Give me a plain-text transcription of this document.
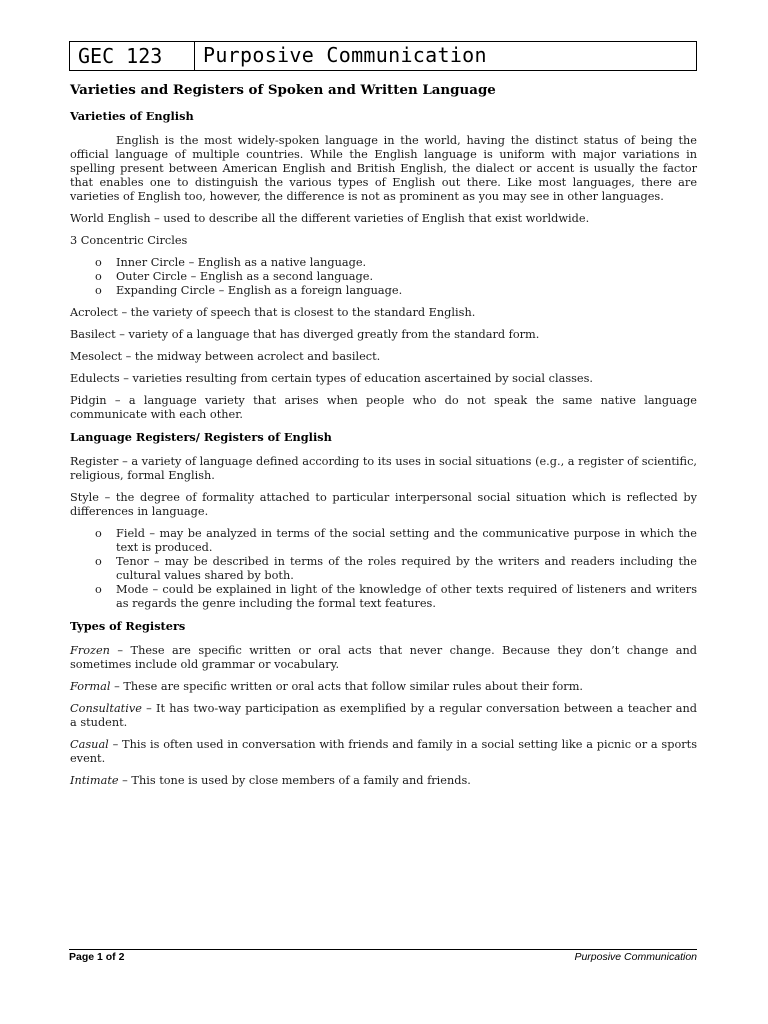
GEC 123 Purposive Communication
Varieties and Registers of Spoken and Written Language
Varieties of English

English is the most widely-spoken language in the world, having the distinct status of being the official language of multiple countries. While the English language is uniform with major variations in spelling present between American English and British English, the dialect or accent is usually the factor that enables one to distinguish the various types of English out there. Like most languages, there are varieties of English too, however, the difference is not as prominent as you may see in other languages.

World English – used to describe all the different varieties of English that exist worldwide.

3 Concentric Circles

o Inner Circle – English as a native language.
o Outer Circle – English as a second language.
o Expanding Circle – English as a foreign language.

Acrolect – the variety of speech that is closest to the standard English.

Basilect – variety of a language that has diverged greatly from the standard form.

Mesolect – the midway between acrolect and basilect.

Edulects – varieties resulting from certain types of education ascertained by social classes.

Pidgin – a language variety that arises when people who do not speak the same native language communicate with each other.

Language Registers/ Registers of English

Register – a variety of language defined according to its uses in social situations (e.g., a register of scientific, religious, formal English.

Style – the degree of formality attached to particular interpersonal social situation which is reflected by differences in language.

o Field – may be analyzed in terms of the social setting and the communicative purpose in which the text is produced.
o Tenor – may be described in terms of the roles required by the writers and readers including the cultural values shared by both.
o Mode – could be explained in light of the knowledge of other texts required of listeners and writers as regards the genre including the formal text features.
Types of Registers

Frozen – These are specific written or oral acts that never change. Because they don’t change and sometimes include old grammar or vocabulary.

Formal – These are specific written or oral acts that follow similar rules about their form.

Consultative – It has two-way participation as exemplified by a regular conversation between a teacher and a student.

Casual – This is often used in conversation with friends and family in a social setting like a picnic or a sports event.

Intimate – This tone is used by close members of a family and friends.

Page 1 of 2	Purposive Communication
